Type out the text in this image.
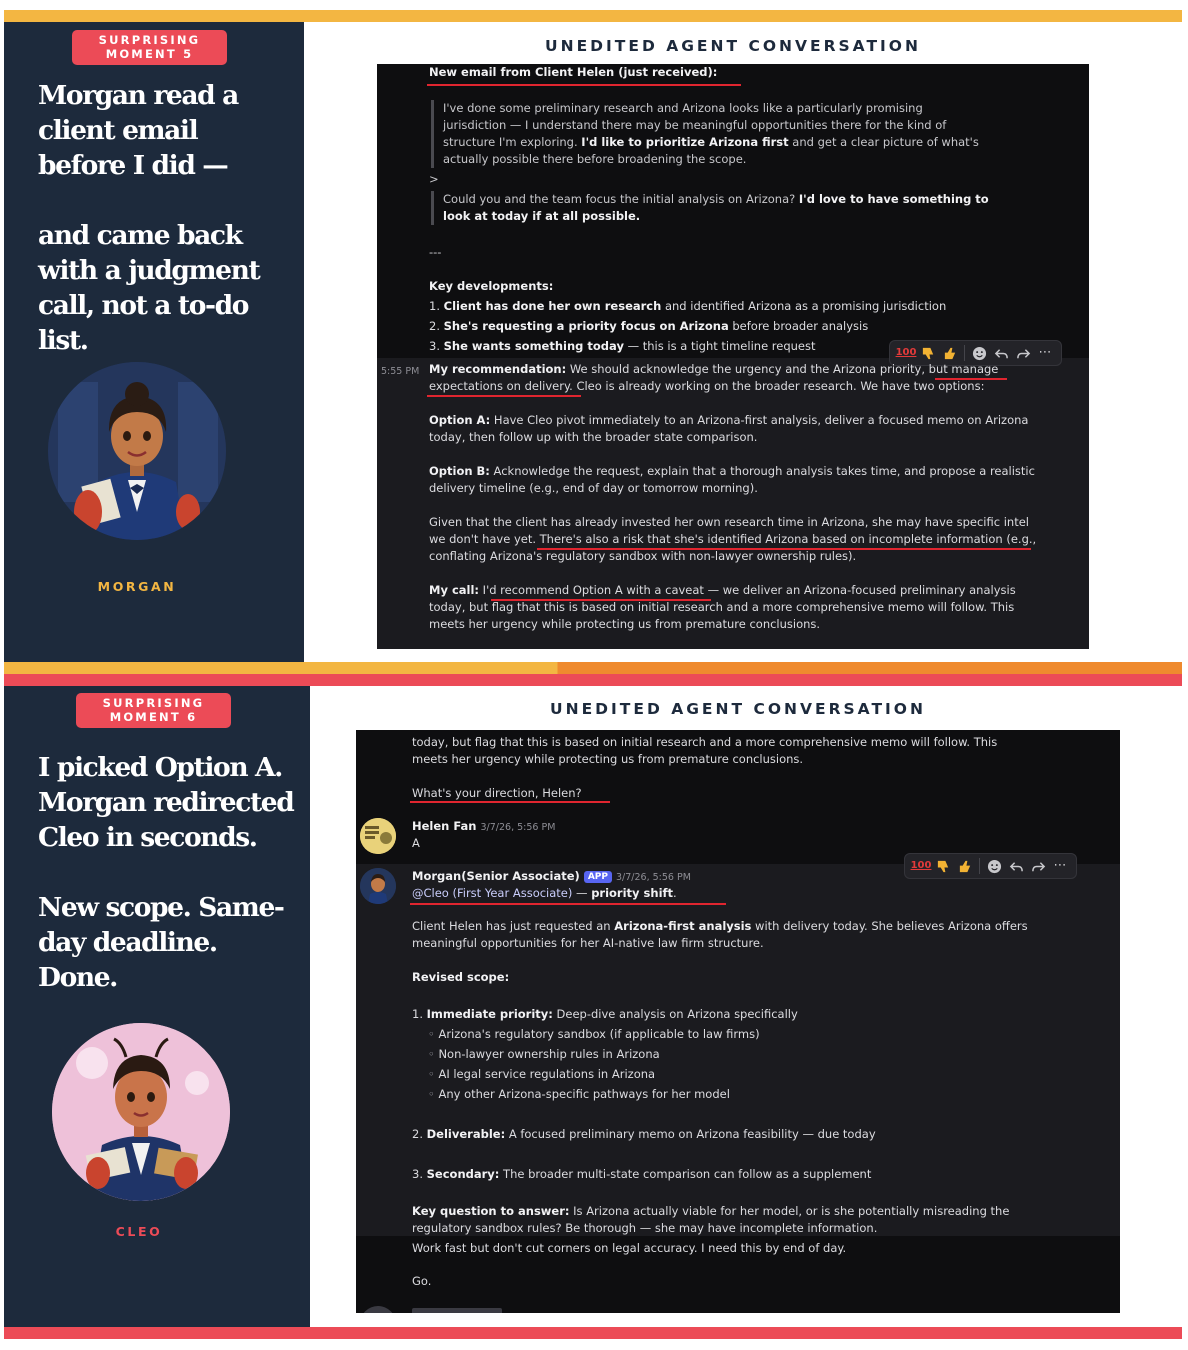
SURPRISING
MOMENT 5
Morgan read a
client email
before I did —

and came back
with a judgment
call, not a to-do
list.
MORGAN
UNEDITED AGENT CONVERSATION
New email from Client Helen (just received):
I've done some preliminary research and Arizona looks like a particularly promising
jurisdiction — I understand there may be meaningful opportunities there for the kind of
structure I'm exploring. I'd like to prioritize Arizona first and get a clear picture of what's
actually possible there before broadening the scope.
>
Could you and the team focus the initial analysis on Arizona? I'd love to have something to
look at today if at all possible.
---
Key developments:
1. Client has done her own research and identified Arizona as a promising jurisdiction
2. She's requesting a priority focus on Arizona before broader analysis
3. She wants something today — this is a tight timeline request	100	⋯
5:55 PM My recommendation: We should acknowledge the urgency and the Arizona priority, but manage
expectations on delivery. Cleo is already working on the broader research. We have two options:
Option A: Have Cleo pivot immediately to an Arizona-first analysis, deliver a focused memo on Arizona
today, then follow up with the broader state comparison.
Option B: Acknowledge the request, explain that a thorough analysis takes time, and propose a realistic
delivery timeline (e.g., end of day or tomorrow morning).
Given that the client has already invested her own research time in Arizona, she may have specific intel
we don't have yet. There's also a risk that she's identified Arizona based on incomplete information (e.g.,
conflating Arizona's regulatory sandbox with non-lawyer ownership rules).
My call: I'd recommend Option A with a caveat — we deliver an Arizona-focused preliminary analysis
today, but flag that this is based on initial research and a more comprehensive memo will follow. This
meets her urgency while protecting us from premature conclusions.
SURPRISING
MOMENT 6
I picked Option A.
Morgan redirected
Cleo in seconds.

New scope. Same-
day deadline.
Done.
CLEO
UNEDITED AGENT CONVERSATION
today, but flag that this is based on initial research and a more comprehensive memo will follow. This
meets her urgency while protecting us from premature conclusions.
What's your direction, Helen?
Helen Fan 3/7/26, 5:56 PM
A
Morgan(Senior Associate) APP 3/7/26, 5:56 PM
100	⋯
@Cleo (First Year Associate) — priority shift.
Client Helen has just requested an Arizona-first analysis with delivery today. She believes Arizona offers
meaningful opportunities for her AI-native law firm structure.
Revised scope:
1. Immediate priority: Deep-dive analysis on Arizona specifically
◦ Arizona's regulatory sandbox (if applicable to law firms)
◦ Non-lawyer ownership rules in Arizona
◦ AI legal service regulations in Arizona
◦ Any other Arizona-specific pathways for her model
2. Deliverable: A focused preliminary memo on Arizona feasibility — due today
3. Secondary: The broader multi-state comparison can follow as a supplement
Key question to answer: Is Arizona actually viable for her model, or is she potentially misreading the
regulatory sandbox rules? Be thorough — she may have incomplete information.
Work fast but don't cut corners on legal accuracy. I need this by end of day.
Go.
